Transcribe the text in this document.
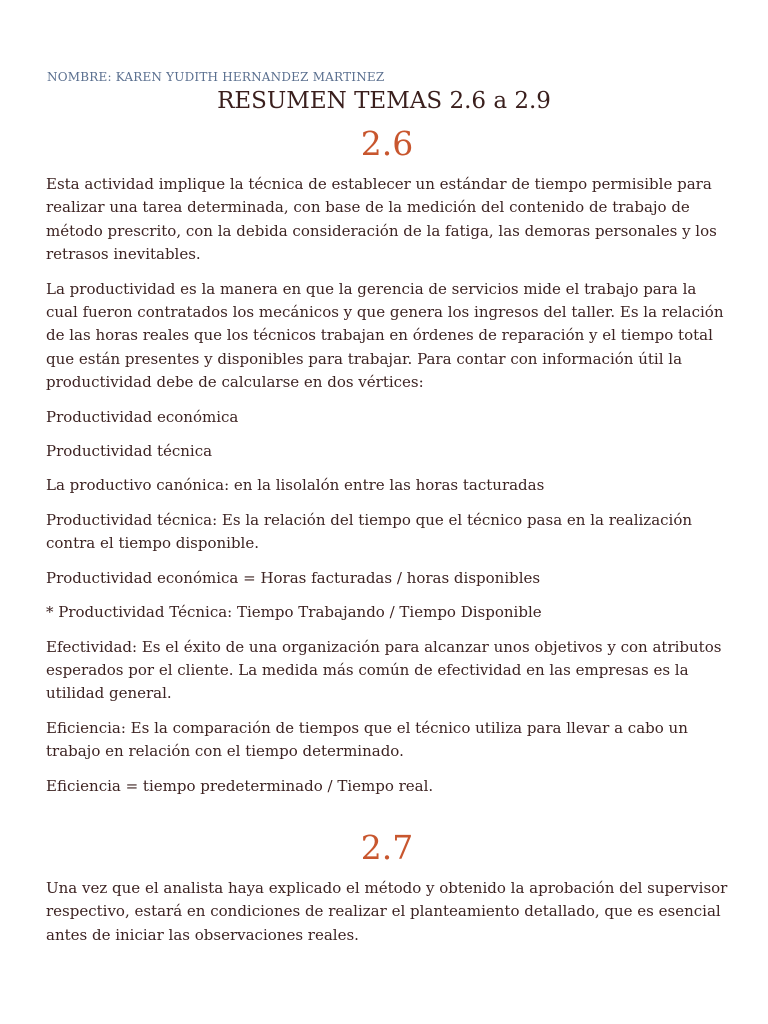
NOMBRE: KAREN YUDITH HERNANDEZ MARTINEZ
RESUMEN TEMAS 2.6 a 2.9
2.6

Esta actividad implique la técnica de establecer un estándar de tiempo permisible para realizar una tarea determinada, con base de la medición del contenido de trabajo de método prescrito, con la debida consideración de la fatiga, las demoras personales y los retrasos inevitables.

La productividad es la manera en que la gerencia de servicios mide el trabajo para la cual fueron contratados los mecánicos y que genera los ingresos del taller. Es la relación de las horas reales que los técnicos trabajan en órdenes de reparación y el tiempo total que están presentes y disponibles para trabajar. Para contar con información útil la productividad debe de calcularse en dos vértices:

Productividad económica

Productividad técnica

La productivo canónica: en la lisolalón entre las horas tacturadas

Productividad técnica: Es la relación del tiempo que el técnico pasa en la realización contra el tiempo disponible.

Productividad económica = Horas facturadas / horas disponibles

* Productividad Técnica: Tiempo Trabajando / Tiempo Disponible

Efectividad: Es el éxito de una organización para alcanzar unos objetivos y con atributos esperados por el cliente. La medida más común de efectividad en las empresas es la utilidad general.

Eficiencia: Es la comparación de tiempos que el técnico utiliza para llevar a cabo un trabajo en relación con el tiempo determinado.

Eficiencia = tiempo predeterminado / Tiempo real.

2.7

Una vez que el analista haya explicado el método y obtenido la aprobación del supervisor respectivo, estará en condiciones de realizar el planteamiento detallado, que es esencial antes de iniciar las observaciones reales.
